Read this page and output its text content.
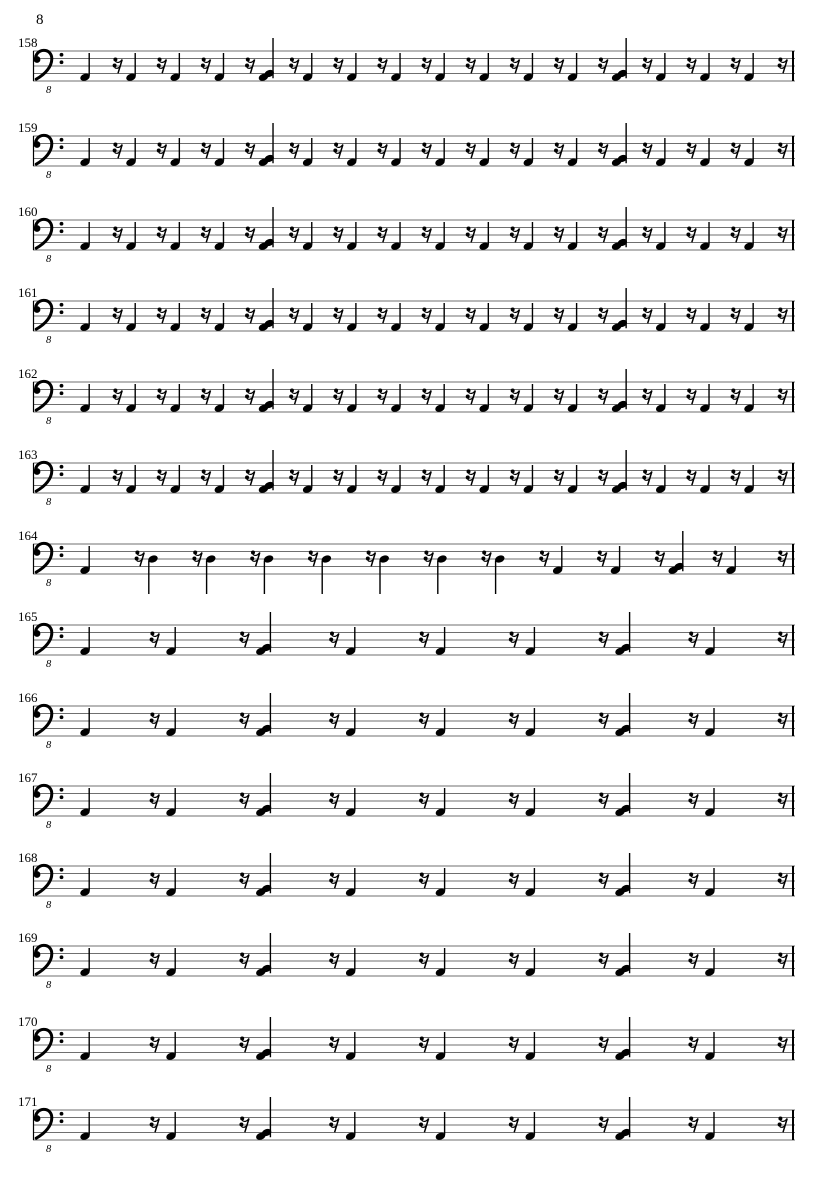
8
158
8
159
8
160
8
161
8
162
8
163
8
164
8
165
8
166
8
167
8
168
8
169
8
170
8
171
8
